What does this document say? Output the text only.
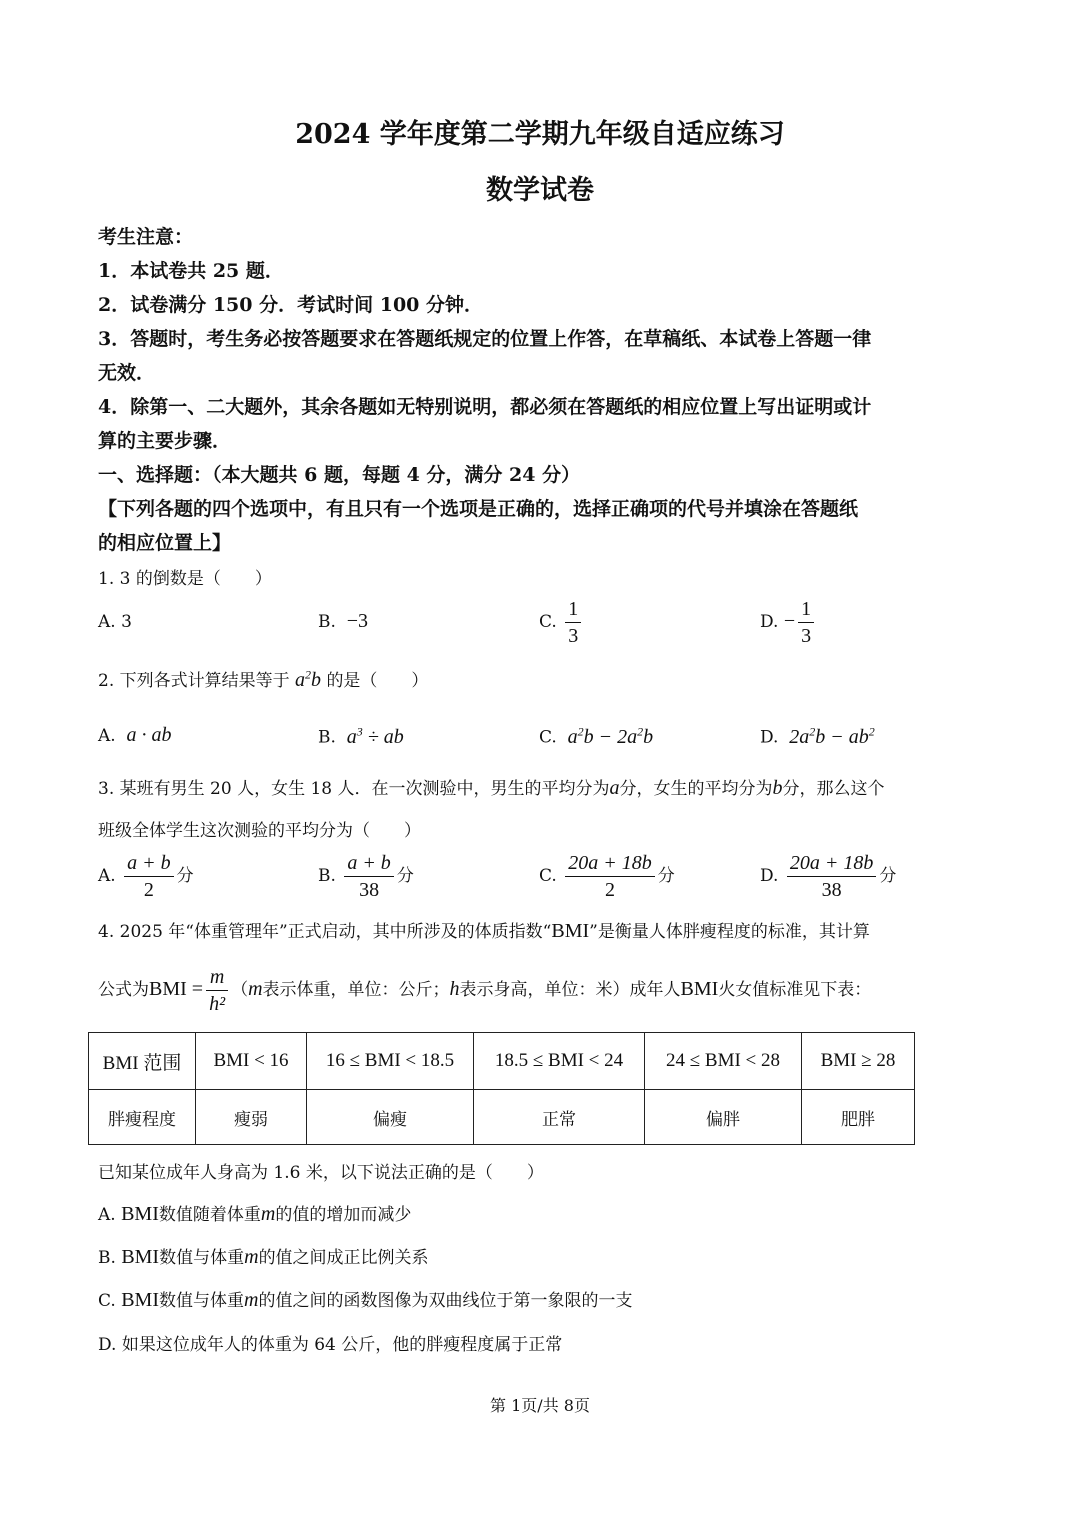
2024 学年度第二学期九年级自适应练习
数学试卷
考生注意：
1．本试卷共 25 题．
2．试卷满分 150 分．考试时间 100 分钟．
3．答题时，考生务必按答题要求在答题纸规定的位置上作答，在草稿纸、本试卷上答题一律
无效．
4．除第一、二大题外，其余各题如无特别说明，都必须在答题纸的相应位置上写出证明或计
算的主要步骤．
一、选择题：（本大题共 6 题，每题 4 分，满分 24 分）
【下列各题的四个选项中，有且只有一个选项是正确的，选择正确项的代号并填涂在答题纸
的相应位置上】
1. 3 的倒数是（　　）
A. 3	B. −3	C. $\frac{1}{3}$	D. − $\frac{1}{3}$
2. 下列各式计算结果等于 $a^2b$ 的是（　　）
A. a · ab	B. $a^3$ ÷ ab	C. $a^2b - 2a^2b$	D. $2a^2b - ab^2$
3. 某班有男生 20 人，女生 18 人．在一次测验中，男生的平均分为a分，女生的平均分为b分，那么这个
班级全体学生这次测验的平均分为（　　）
A. $\frac{a + b}{2}$ 分	B. $\frac{a + b}{38}$ 分	C. $\frac{20a + 18b}{2}$ 分	D. $\frac{20a + 18b}{38}$ 分
4. 2025 年“体重管理年”正式启动，其中所涉及的体质指数“BMI”是衡量人体胖瘦程度的标准，其计算
公式为BMI = $\frac{m}{\text{h²}} (m$表示体重，单位：公斤；h表示身高，单位：米）成年人BMI火女值标准见下表：
BMI 范围	BMI < 16	16 ≤ BMI < 18.5	18.5 ≤ BMI < 24	24 ≤ BMI < 28	BMI ≥ 28
胖瘦程度	瘦弱	偏瘦	正常	偏胖	肥胖
已知某位成年人身高为 1.6 米，以下说法正确的是（　　）
A. BMI数值随着体重m的值的增加而减少
B. BMI数值与体重m的值之间成正比例关系
C. BMI数值与体重m的值之间的函数图像为双曲线位于第一象限的一支
D. 如果这位成年人的体重为 64 公斤，他的胖瘦程度属于正常
第 1页/共 8页
